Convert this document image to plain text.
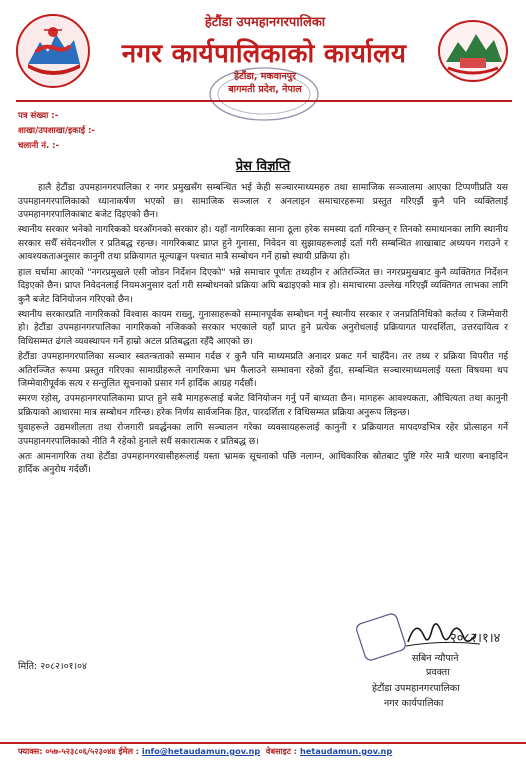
हेटौंडा उपमहानगरपालिका
नगर कार्यपालिकाको कार्यालय
हेटौंडा, मकवानपुर
बागमती प्रदेश, नेपाल
पत्र संख्या :-
शाखा/उपशाखा/इकाई :-
चलानी नं. :-
प्रेस विज्ञप्ति

हालै हेटौंडा उपमहानगरपालिका र नगर प्रमुखसँग सम्बन्धित भई केही सञ्चारमाध्यमहरु तथा सामाजिक सञ्जालमा आएका टिप्पणीप्रति यस उपमहानगरपालिकाको ध्यानाकर्षण भएको छ। सामाजिक सञ्जाल र अनलाइन समाचारहरूमा प्रस्तुत गरिएझैं कुनै पनि व्यक्तिलाई उपमहानगरपालिकाबाट बजेट दिइएको छैन।

स्थानीय सरकार भनेको नागरिकको घरआँगनको सरकार हो। यहाँ नागरिकका साना ठूला हरेक समस्या दर्ता गरिन्छन् र तिनको समाधानका लागि स्थानीय सरकार सधैँ संवेदनशील र प्रतिबद्ध रहन्छ। नागरिकबाट प्राप्त हुने गुनासा, निवेदन वा सुझावहरूलाई दर्ता गरी सम्बन्धित शाखाबाट अध्ययन गराउने र आवश्यकताअनुसार कानुनी तथा प्रक्रियागत मूल्याङ्कन पश्चात मात्रै सम्बोधन गर्ने हाम्रो स्थायी प्रक्रिया हो।

हाल चर्चामा आएको "नगरप्रमुखले एसी जोडन निर्देशन दिएको" भन्ने समाचार पूर्णतः तथ्यहीन र अतिरञ्जित छ। नगरप्रमुखबाट कुनै व्यक्तिगत निर्देशन दिइएको छैन। प्राप्त निवेदनलाई नियमअनुसार दर्ता गरी सम्बोधनको प्रक्रिया अघि बढाइएको मात्र हो। समाचारमा उल्लेख गरिएझैं व्यक्तिगत लाभका लागि कुनै बजेट विनियोजन गरिएको छैन।

स्थानीय सरकारप्रति नागरिकको विश्वास कायम राख्नु, गुनासाहरूको सम्मानपूर्वक सम्बोधन गर्नु स्थानीय सरकार र जनप्रतिनिधिको कर्तव्य र जिम्मेवारी हो। हेटौंडा उपमहानगरपालिका नागरिकको नजिकको सरकार भएकाले यहाँ प्राप्त हुने प्रत्येक अनुरोधलाई प्रक्रियागत पारदर्शिता, उत्तरदायित्व र विधिसम्मत ढंगले व्यवस्थापन गर्ने हाम्रो अटल प्रतिबद्धता रहँदै आएको छ।

हेटौंडा उपमहानगरपालिका सञ्चार स्वतन्त्रताको सम्मान गर्दछ र कुनै पनि माध्यमप्रति अनादर प्रकट गर्न चाहँदैन। तर तथ्य र प्रक्रिया विपरीत गई अतिरञ्जित रूपमा प्रस्तुत गरिएका सामाग्रीहरूले नागरिकमा भ्रम फैलाउने सम्भावना रहेको हुँदा, सम्बन्धित सञ्चारमाध्यमलाई यस्ता विषयमा थप जिम्मेवारीपूर्वक सत्य र सन्तुलित सूचनाको प्रसार गर्न हार्दिक आग्रह गर्दछौं।

स्मरण रहोस्, उपमहानगरपालिकामा प्राप्त हुने सबै मागहरूलाई बजेट विनियोजन गर्नु पर्ने बाध्यता छैन। मागहरू आवश्यकता, औचित्यता तथा कानुनी प्रक्रियाको आधारमा मात्र सम्बोधन गरिन्छ। हरेक निर्णय सार्वजनिक हित, पारदर्शिता र विधिसम्मत प्रक्रिया अनुरूप लिइन्छ।

युवाहरूले उद्यमशीलता तथा रोजगारी प्रवर्द्धनका लागि सञ्चालन गरेका व्यवसायहरूलाई कानुनी र प्रक्रियागत मापदण्डभित्र रहेर प्रोत्साहन गर्ने उपमहानगरपालिकाको नीति नै रहेको हुनाले सधैं सकारात्मक र प्रतिबद्ध छ।

अतः आमनागरिक तथा हेटौंडा उपमहानगरवासीहरूलाई यस्ता भ्रामक सूचनाको पछि नलाग्न, आधिकारिक स्रोतबाट पुष्टि गरेर मात्रै धारणा बनाइदिन हार्दिक अनुरोध गर्दछौं।

२०८२।१।४
सबिन न्यौपाने
प्रवक्ता
हेटौंडा उपमहानगरपालिका
नगर कार्यपालिका
मिति: २०८२।०१।०४
फ्याक्स: ०५७-५२३८०६/५२३०४४ ईमेल : info@hetaudamun.gov.np वेबसाइट : hetaudamun.gov.np
